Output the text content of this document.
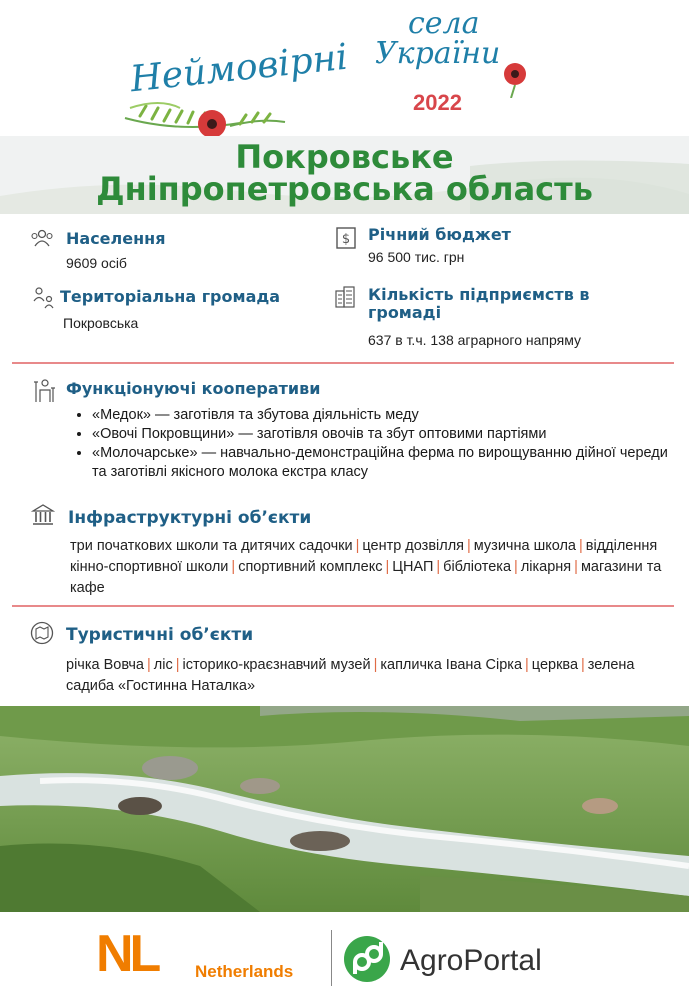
Неймовірні
села
України
2022
Покровське
Дніпропетровська область
Населення
9609 осіб
$ Річний бюджет
96 500 тис. грн
Територіальна громада
Покровська
Кількість підприємств в громаді
637 в т.ч. 138 аграрного напряму
Функціонуючі кооперативи
• «Медок» — заготівля та збутова діяльність меду
• «Овочі Покровщини» — заготівля овочів та збут оптовими партіями
• «Молочарське» — навчально-демонстраційна ферма по вирощуванню дійної череди та заготівлі якісного молока екстра класу
Інфраструктурні об’єкти
три початкових школи та дитячих садочки | центр дозвілля | музична школа | відділення кінно-спортивної школи | спортивний комплекс | ЦНАП | бібліотека | лікарня | магазини та кафе
Туристичні об’єкти
річка Вовча | ліс | історико-краєзнавчий музей | капличка Івана Сірка | церква | зелена садиба «Гостинна Наталка»
NL Netherlands	AgroPortal
